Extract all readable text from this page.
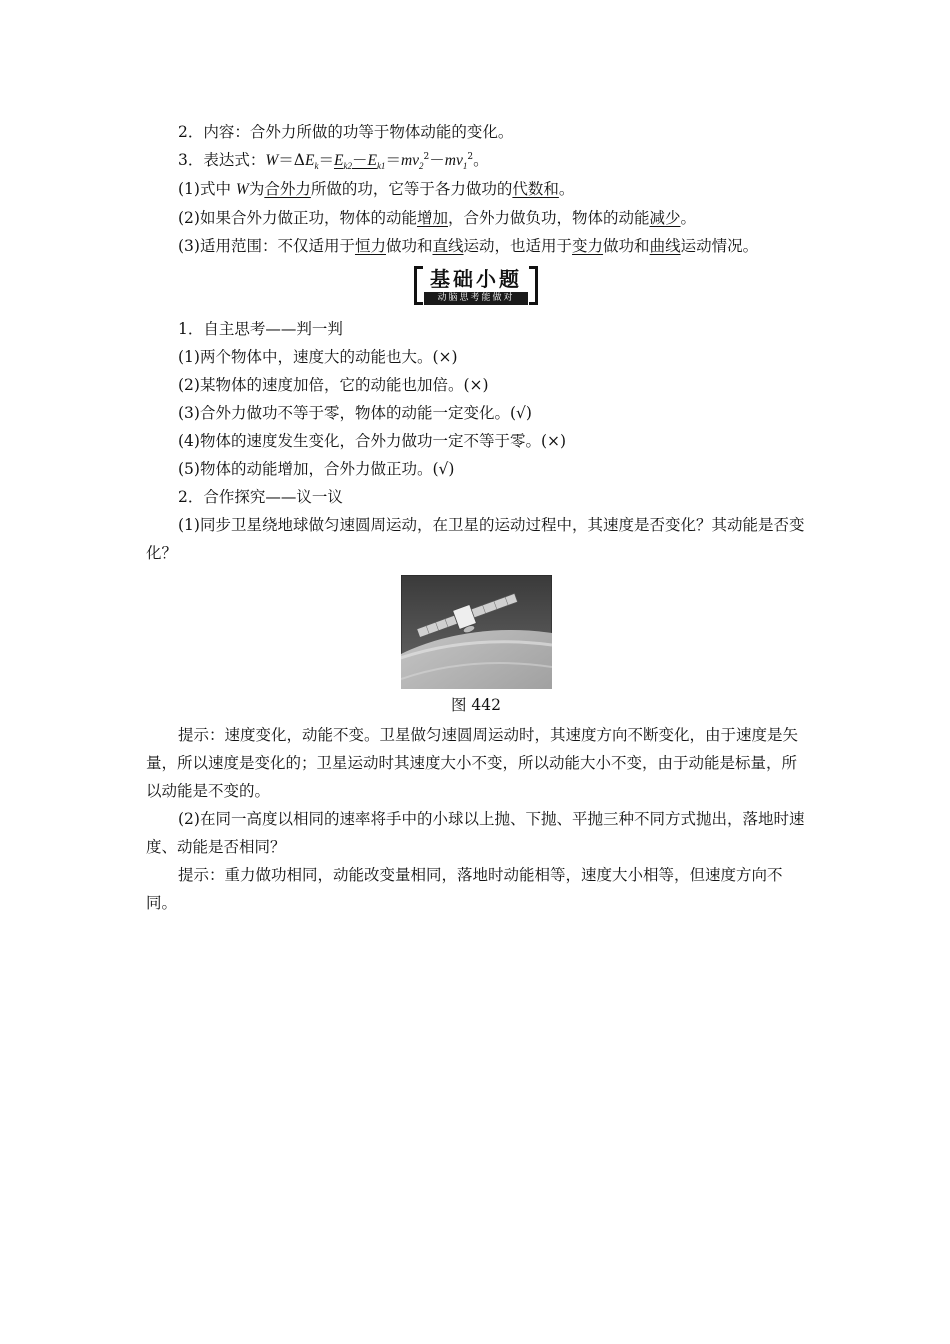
2．内容：合外力所做的功等于物体动能的变化。

3．表达式：$W=\Delta E_k=E_{k2}-E_{k1}=mv_2^2-mv_1^2$。

(1)式中 W为合外力所做的功，它等于各力做功的代数和。

(2)如果合外力做正功，物体的动能增加，合外力做负功，物体的动能减少。

(3)适用范围：不仅适用于恒力做功和直线运动，也适用于变力做功和曲线运动情况。

基础小题
动脑思考能做对

1．自主思考——判一判

(1)两个物体中，速度大的动能也大。(×)

(2)某物体的速度加倍，它的动能也加倍。(×)

(3)合外力做功不等于零，物体的动能一定变化。(√)

(4)物体的速度发生变化，合外力做功一定不等于零。(×)

(5)物体的动能增加，合外力做正功。(√)

2．合作探究——议一议

(1)同步卫星绕地球做匀速圆周运动，在卫星的运动过程中，其速度是否变化？其动能是否变化？

图 442

提示：速度变化，动能不变。卫星做匀速圆周运动时，其速度方向不断变化，由于速度是矢量，所以速度是变化的；卫星运动时其速度大小不变，所以动能大小不变，由于动能是标量，所以动能是不变的。

(2)在同一高度以相同的速率将手中的小球以上抛、下抛、平抛三种不同方式抛出，落地时速度、动能是否相同？

提示：重力做功相同，动能改变量相同，落地时动能相等，速度大小相等，但速度方向不同。
